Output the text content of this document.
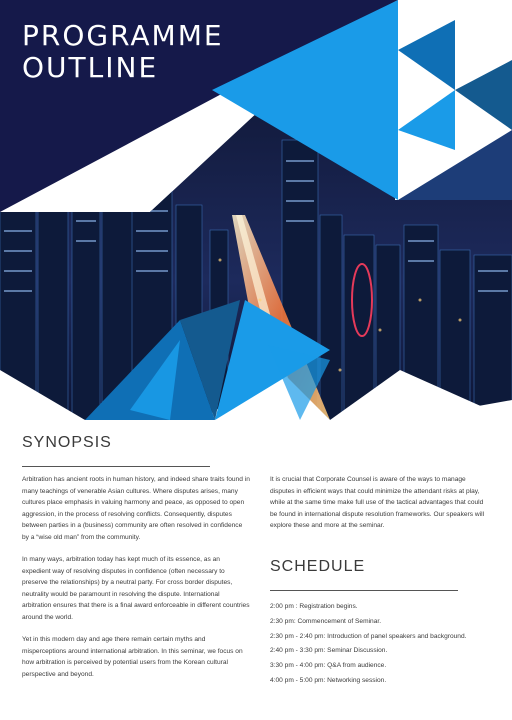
PROGRAMME
OUTLINE
SYNOPSIS

Arbitration has ancient roots in human history, and indeed share traits found in many teachings of venerable Asian cultures. Where disputes arises, many cultures place emphasis in valuing harmony and peace, as opposed to open aggression, in the process of resolving conflicts. Consequently, disputes between parties in a (business) community are often resolved in confidence by a “wise old man” from the community.

In many ways, arbitration today has kept much of its essence, as an expedient way of resolving disputes in confidence (often necessary to preserve the relationships) by a neutral party. For cross border disputes, neutrality would be paramount in resolving the dispute. International arbitration ensures that there is a final award enforceable in different countries around the world.

Yet in this modern day and age there remain certain myths and misperceptions around international arbitration. In this seminar, we focus on how arbitration is perceived by potential users from the Korean cultural perspective and beyond.

It is crucial that Corporate Counsel is aware of the ways to manage disputes in efficient ways that could minimize the attendant risks at play, while at the same time make full use of the tactical advantages that could be found in international dispute resolution frameworks. Our speakers will explore these and more at the seminar.

SCHEDULE
2:00 pm : Registration begins.
2:30 pm: Commencement of Seminar.
2:30 pm - 2:40 pm: Introduction of panel speakers and background.
2:40 pm - 3:30 pm: Seminar Discussion.
3:30 pm - 4:00 pm: Q&A from audience.
4:00 pm - 5:00 pm: Networking session.
